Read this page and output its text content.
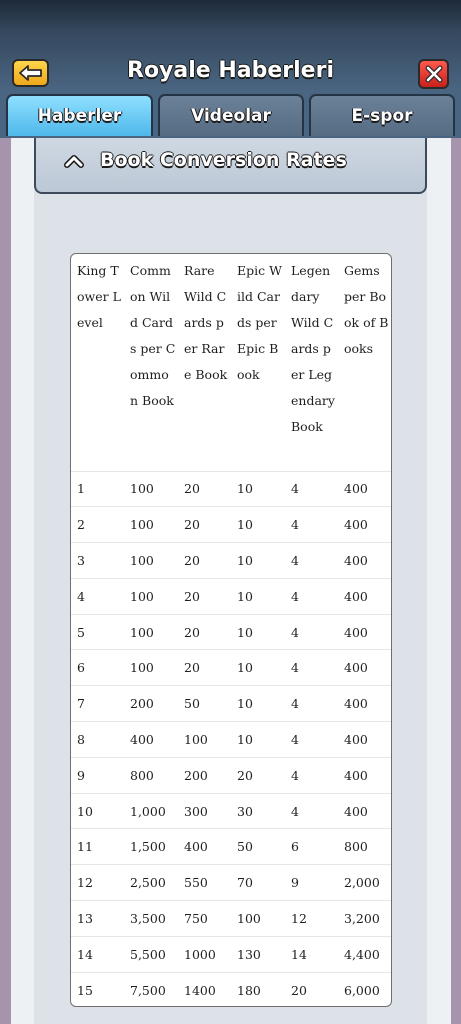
Royale Haberleri
Haberler	Videolar	E-spor
Book Conversion Rates
King Tower Level	Common Wild Cards per Common Book	Rare Wild Cards per Rare Book	Epic Wild Cards per Epic Book	Legendary Wild Cards per Legendary Book	Gems per Book of Books
1	100	20	10	4	400
2	100	20	10	4	400
3	100	20	10	4	400
4	100	20	10	4	400
5	100	20	10	4	400
6	100	20	10	4	400
7	200	50	10	4	400
8	400	100	10	4	400
9	800	200	20	4	400
10	1,000	300	30	4	400
11	1,500	400	50	6	800
12	2,500	550	70	9	2,000
13	3,500	750	100	12	3,200
14	5,500	1000	130	14	4,400
15	7,500	1400	180	20	6,000
